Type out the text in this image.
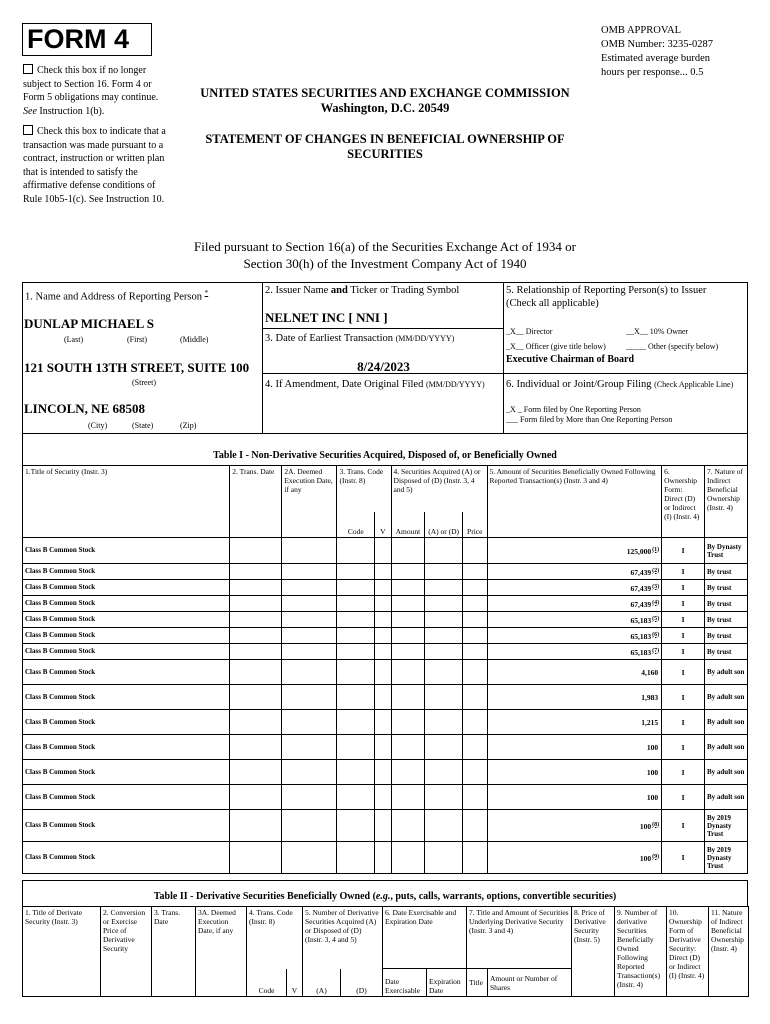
FORM 4
Check this box if no longer subject to Section 16. Form 4 or Form 5 obligations may continue. See Instruction 1(b).
Check this box to indicate that a transaction was made pursuant to a contract, instruction or written plan that is intended to satisfy the affirmative defense conditions of Rule 10b5-1(c). See Instruction 10.
OMB APPROVAL
OMB Number: 3235-0287
Estimated average burden
hours per response... 0.5
UNITED STATES SECURITIES AND EXCHANGE COMMISSION
Washington, D.C. 20549
STATEMENT OF CHANGES IN BENEFICIAL OWNERSHIP OF
SECURITIES
Filed pursuant to Section 16(a) of the Securities Exchange Act of 1934 or
Section 30(h) of the Investment Company Act of 1940
1. Name and Address of Reporting Person *
DUNLAP MICHAEL S
(Last)	(First)	(Middle)
121 SOUTH 13TH STREET, SUITE 100
(Street)
LINCOLN, NE 68508
(City)	(State)	(Zip)
2. Issuer Name and Ticker or Trading Symbol
NELNET INC [ NNI ]
3. Date of Earliest Transaction (MM/DD/YYYY)
8/24/2023
4. If Amendment, Date Original Filed (MM/DD/YYYY)
5. Relationship of Reporting Person(s) to Issuer
(Check all applicable)
_X__ Director	__X__ 10% Owner
_X__ Officer (give title below)	_____ Other (specify below)
Executive Chairman of Board
6. Individual or Joint/Group Filing (Check Applicable Line)
_X _ Form filed by One Reporting Person
___ Form filed by More than One Reporting Person
Table I - Non-Derivative Securities Acquired, Disposed of, or Beneficially Owned
1.Title of Security (Instr. 3)	2. Trans. Date	2A. Deemed Execution Date, if any	3. Trans. Code (Instr. 8)		4. Securities Acquired (A) or Disposed of (D) (Instr. 3, 4 and 5)			5. Amount of Securities Beneficially Owned Following Reported Transaction(s) (Instr. 3 and 4)	6. Ownership Form: Direct (D) or Indirect (I) (Instr. 4)	7. Nature of Indirect Beneficial Ownership (Instr. 4)
			Code	V	Amount	(A) or (D)	Price			
Class B Common Stock								125,000$^{(1)}$	I	By Dynasty Trust
Class B Common Stock								67,439$^{(2)}$	I	By trust
Class B Common Stock								67,439$^{(3)}$	I	By trust
Class B Common Stock								67,439$^{(4)}$	I	By trust
Class B Common Stock								65,183$^{(5)}$	I	By trust
Class B Common Stock								65,183$^{(6)}$	I	By trust
Class B Common Stock								65,183$^{(7)}$	I	By trust
Class B Common Stock								4,160	I	By adult son
Class B Common Stock								1,983	I	By adult son
Class B Common Stock								1,215	I	By adult son
Class B Common Stock								100	I	By adult son
Class B Common Stock								100	I	By adult son
Class B Common Stock								100	I	By adult son
Class B Common Stock								100$^{(8)}$	I	By 2019 Dynasty Trust
Class B Common Stock								100$^{(9)}$	I	By 2019 Dynasty Trust
Table II - Derivative Securities Beneficially Owned (e.g., puts, calls, warrants, options, convertible securities)
1. Title of Derivate Security (Instr. 3)	2. Conversion or Exercise Price of Derivative Security	3. Trans. Date	3A. Deemed Execution Date, if any	4. Trans. Code (Instr. 8)		5. Number of Derivative Securities Acquired (A) or Disposed of (D) (Instr. 3, 4 and 5)		6. Date Exercisable and Expiration Date		7. Title and Amount of Securities Underlying Derivative Security (Instr. 3 and 4)		8. Price of Derivative Security (Instr. 5)	9. Number of derivative Securities Beneficially Owned Following Reported Transaction(s) (Instr. 4)	10. Ownership Form of Derivative Security: Direct (D) or Indirect (I) (Instr. 4)	11. Nature of Indirect Beneficial Ownership (Instr. 4)
				Code	V	(A)	(D)	Date Exercisable	Expiration Date	Title	Amount or Number of Shares				
